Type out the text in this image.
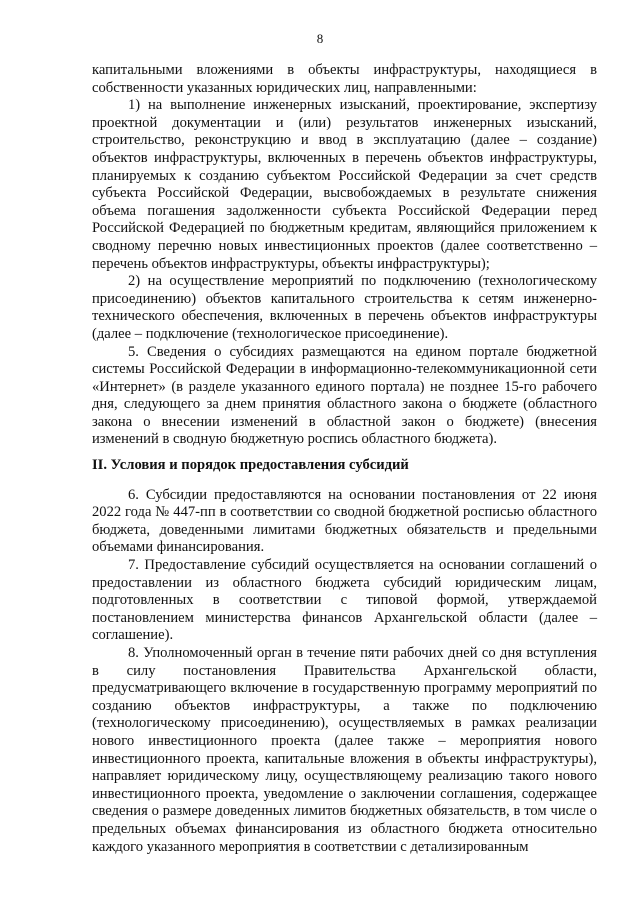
8

капитальными вложениями в объекты инфраструктуры, находящиеся в собственности указанных юридических лиц, направленными:

1) на выполнение инженерных изысканий, проектирование, экспертизу проектной документации и (или) результатов инженерных изысканий, строительство, реконструкцию и ввод в эксплуатацию (далее – создание) объектов инфраструктуры, включенных в перечень объектов инфраструктуры, планируемых к созданию субъектом Российской Федерации за счет средств субъекта Российской Федерации, высвобождаемых в результате снижения объема погашения задолженности субъекта Российской Федерации перед Российской Федерацией по бюджетным кредитам, являющийся приложением к сводному перечню новых инвестиционных проектов (далее соответственно – перечень объектов инфраструктуры, объекты инфраструктуры);

2) на осуществление мероприятий по подключению (технологическому присоединению) объектов капитального строительства к сетям инженерно-технического обеспечения, включенных в перечень объектов инфраструктуры (далее – подключение (технологическое присоединение).

5. Сведения о субсидиях размещаются на едином портале бюджетной системы Российской Федерации в информационно-телекоммуникационной сети «Интернет» (в разделе указанного единого портала) не позднее 15-го рабочего дня, следующего за днем принятия областного закона о бюджете (областного закона о внесении изменений в областной закон о бюджете) (внесения изменений в сводную бюджетную роспись областного бюджета).

II. Условия и порядок предоставления субсидий

6. Субсидии предоставляются на основании постановления от 22 июня 2022 года № 447-пп в соответствии со сводной бюджетной росписью областного бюджета, доведенными лимитами бюджетных обязательств и предельными объемами финансирования.

7. Предоставление субсидий осуществляется на основании соглашений о предоставлении из областного бюджета субсидий юридическим лицам, подготовленных в соответствии с типовой формой, утверждаемой постановлением министерства финансов Архангельской области (далее – соглашение).

8. Уполномоченный орган в течение пяти рабочих дней со дня вступления в силу постановления Правительства Архангельской области, предусматривающего включение в государственную программу мероприятий по созданию объектов инфраструктуры, а также по подключению (технологическому присоединению), осуществляемых в рамках реализации нового инвестиционного проекта (далее также – мероприятия нового инвестиционного проекта, капитальные вложения в объекты инфраструктуры), направляет юридическому лицу, осуществляющему реализацию такого нового инвестиционного проекта, уведомление о заключении соглашения, содержащее сведения о размере доведенных лимитов бюджетных обязательств, в том числе о предельных объемах финансирования из областного бюджета относительно каждого указанного мероприятия в соответствии с детализированным
